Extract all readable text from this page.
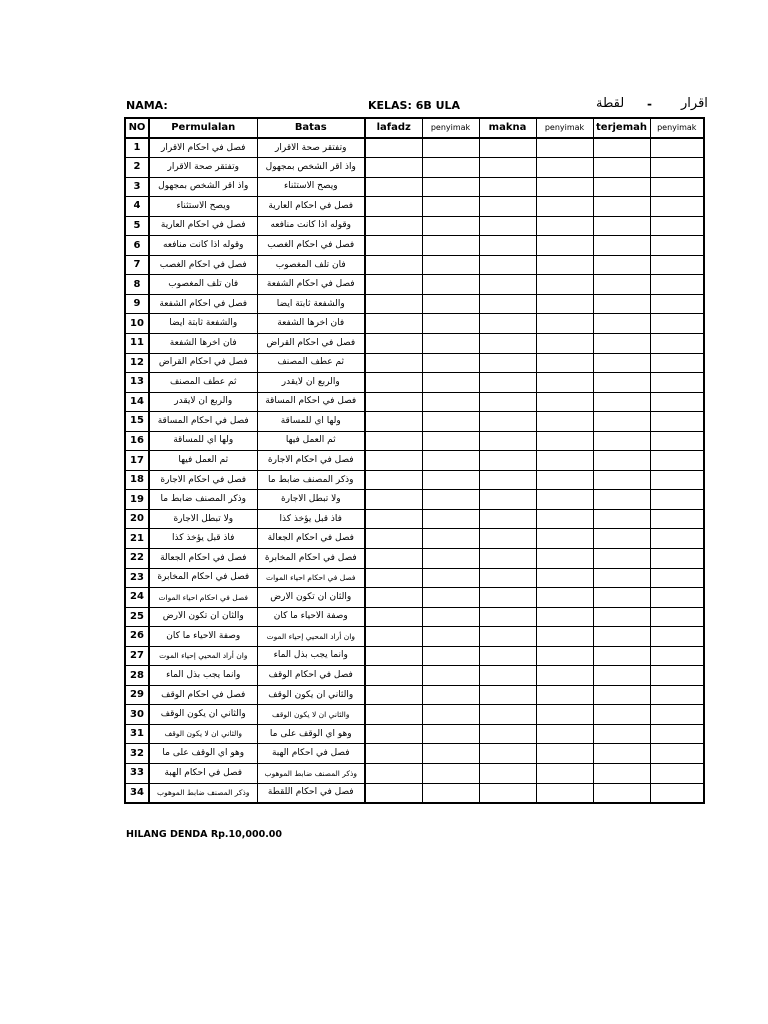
NAMA:	KELAS: 6B ULA	لقطة - اقرار
NO	Permulalan	Batas	lafadz	penyimak	makna	penyimak	terjemah	penyimak
1	فصل في احكام الاقرار	وتفتقر صحة الاقرار						
2	وتفتقر صحة الاقرار	واذ اقر الشخص بمجهول						
3	واذ اقر الشخص بمجهول	ويصح الاستثناء						
4	ويصح الاستثناء	فصل في احكام العارية						
5	فصل في احكام العارية	وقوله اذا كانت منافعه						
6	وقوله اذا كانت منافعه	فصل في احكام الغصب						
7	فصل في احكام الغصب	فان تلف المغصوب						
8	فان تلف المغصوب	فصل في احكام الشفعة						
9	فصل في احكام الشفعة	والشفعة ثابتة ايضا						
10	والشفعة ثابتة ايضا	فان اخرها الشفعة						
11	فان اخرها الشفعة	فصل في احكام القراض						
12	فصل في احكام القراض	ثم عطف المصنف						
13	ثم عطف المصنف	والربع ان لايقدر						
14	والربع ان لايقدر	فصل في احكام المساقة						
15	فصل في احكام المساقة	ولها اي للمساقة						
16	ولها اي للمساقة	ثم العمل فيها						
17	ثم العمل فيها	فصل في احكام الاجارة						
18	فصل في احكام الاجارة	وذكر المصنف ضابط ما						
19	وذكر المصنف ضابط ما	ولا تبطل الاجارة						
20	ولا تبطل الاجارة	فاذ قبل يؤخذ كذا						
21	فاذ قبل يؤخذ كذا	فصل في احكام الجعالة						
22	فصل في احكام الجعالة	فصل في احكام المخابرة						
23	فصل في احكام المخابرة	فصل في احكام احياء الموات						
24	فصل في احكام احياء الموات	والثان ان تكون الارض						
25	والثان ان تكون الارض	وصفة الاحياء ما كان						
26	وصفة الاحياء ما كان	وان أراد المحيي إحياء الموت						
27	وان أراد المحيي إحياء الموت	وانما يجب بذل الماء						
28	وانما يجب بذل الماء	فصل في احكام الوقف						
29	فصل في احكام الوقف	والثاني ان يكون الوقف						
30	والثاني ان يكون الوقف	والثاني ان لا يكون الوقف						
31	والثاني ان لا يكون الوقف	وهو اي الوقف على ما						
32	وهو اي الوقف على ما	فصل في احكام الهبة						
33	فصل في احكام الهبة	وذكر المصنف ضابط الموهوب						
34	وذكر المصنف ضابط الموهوب	فصل في احكام اللقطة						
HILANG DENDA Rp.10,000.00
